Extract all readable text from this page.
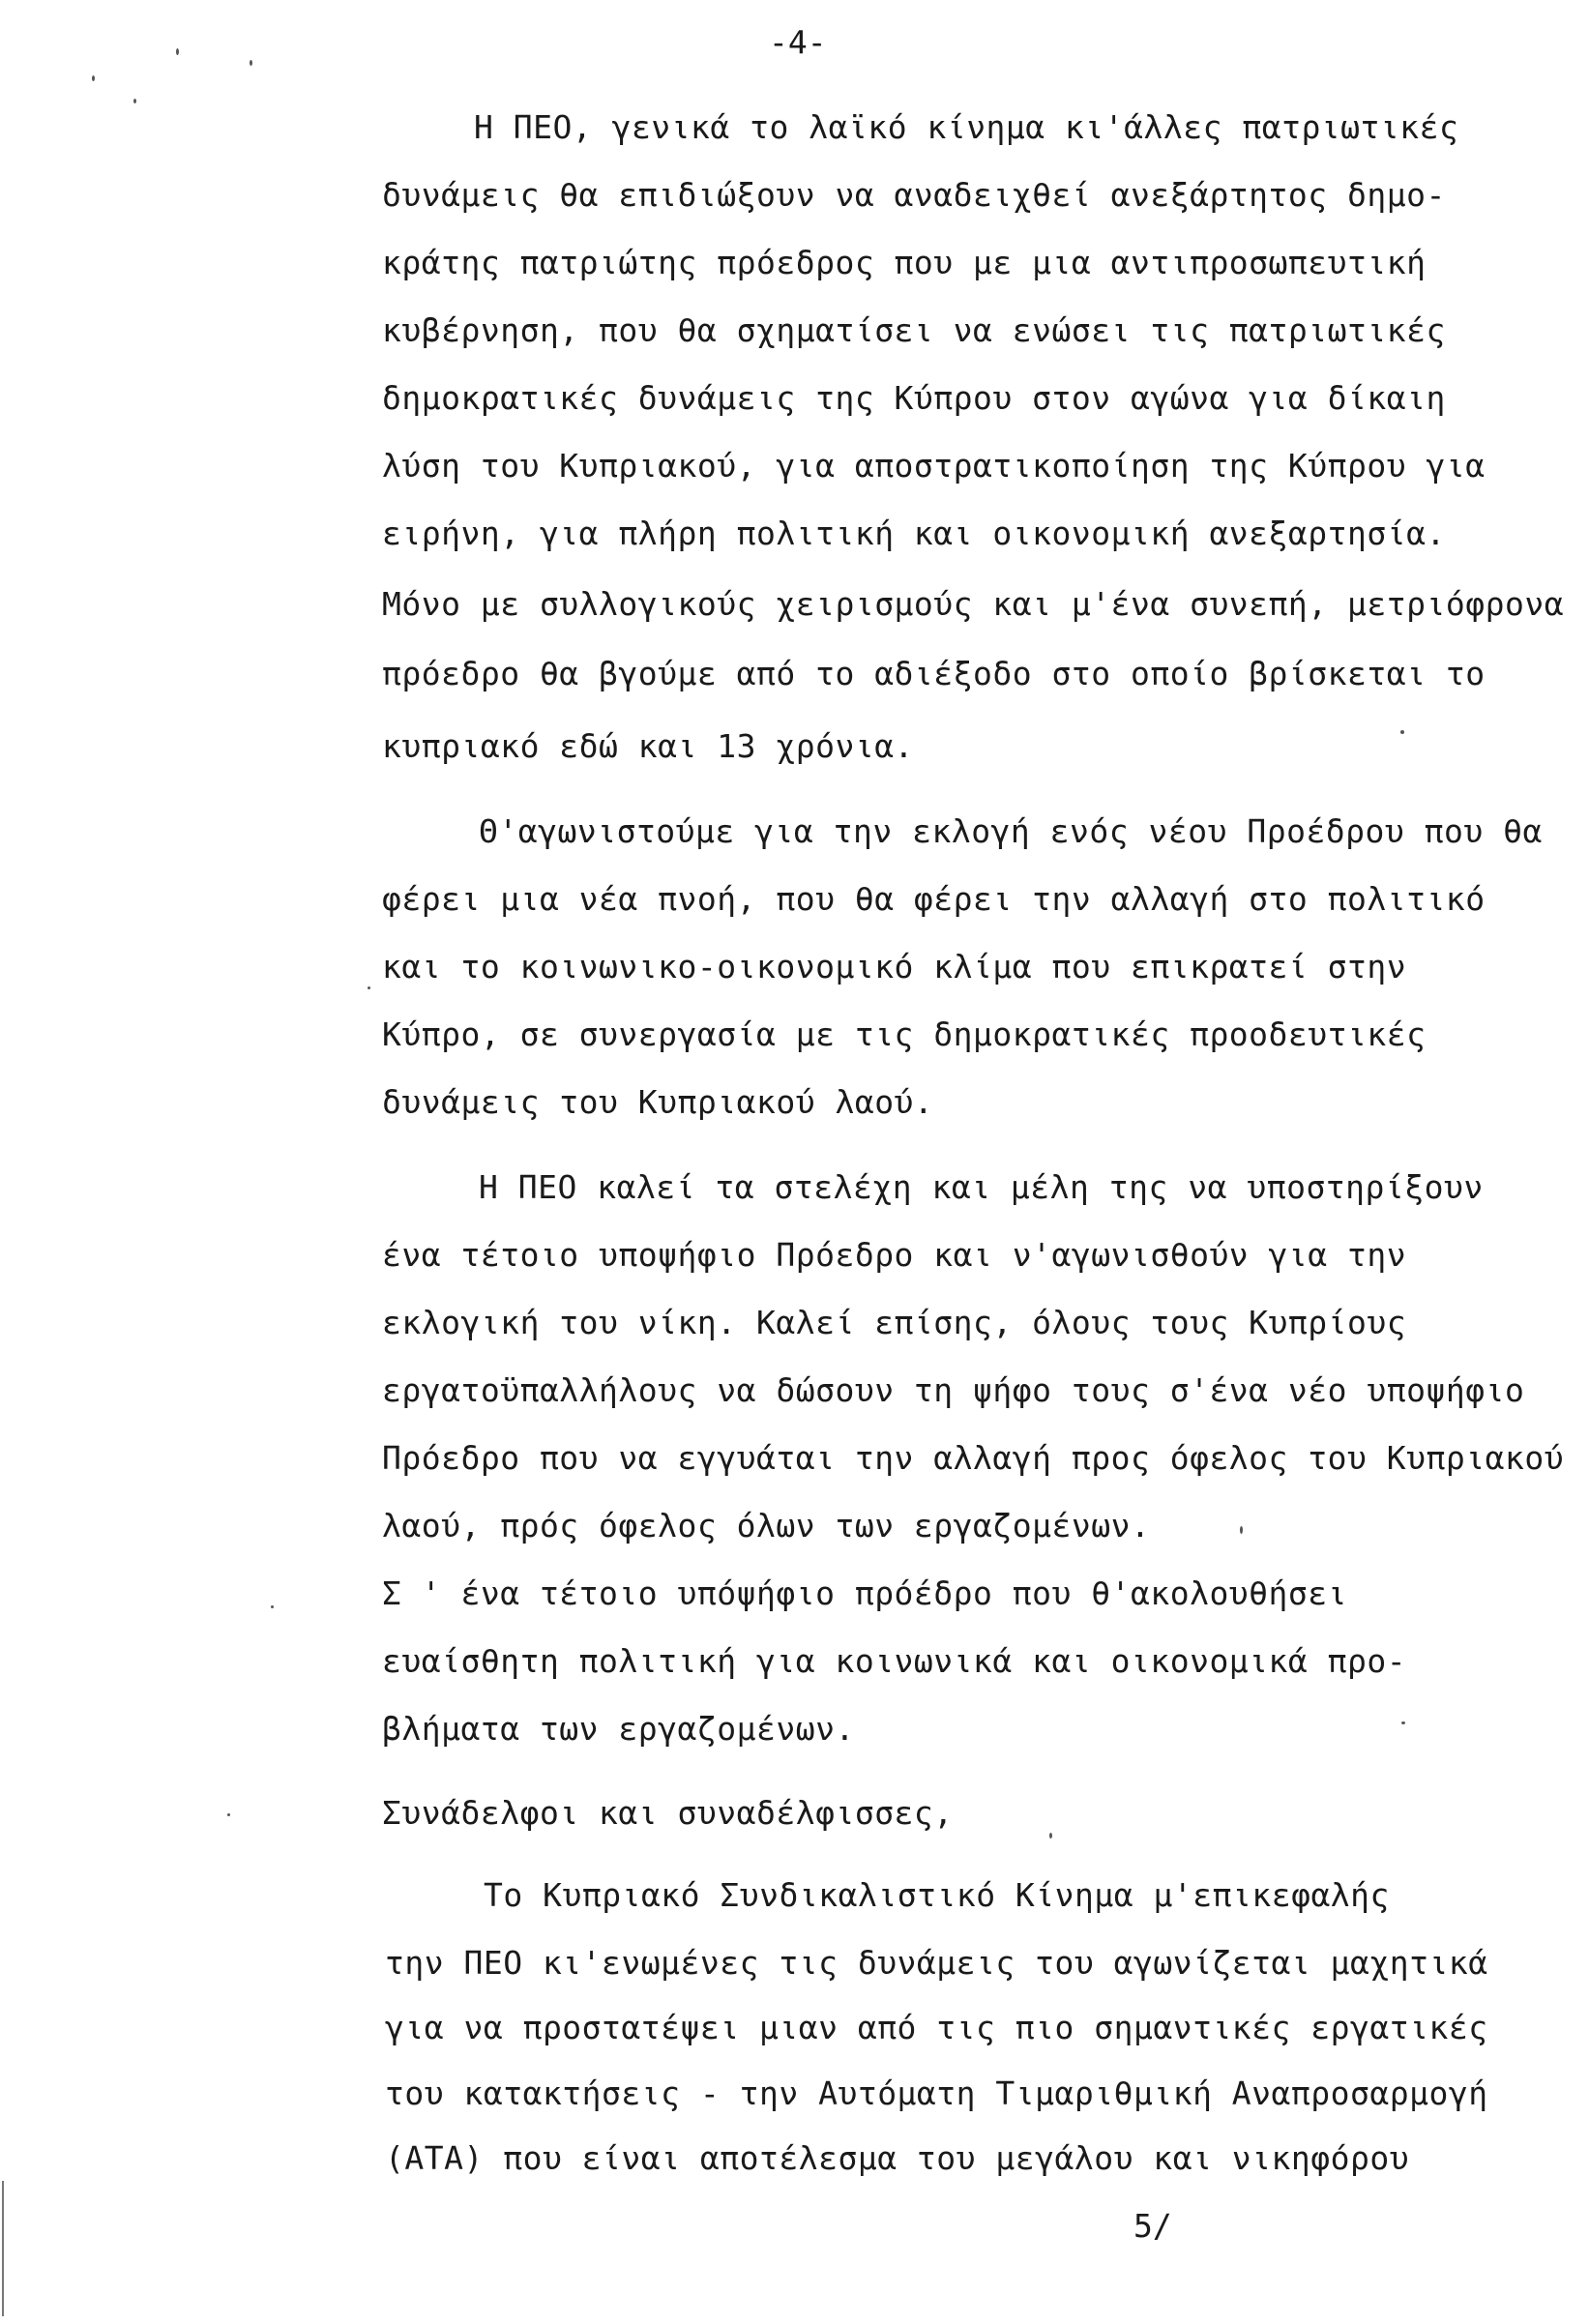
-4-
Η ΠΕΟ, γενικά το λαϊκό κίνημα κι'άλλες πατριωτικές
δυνάμεις θα επιδιώξουν να αναδειχθεί ανεξάρτητος δημο-
κράτης πατριώτης πρόεδρος που με μια αντιπροσωπευτική
κυβέρνηση, που θα σχηματίσει να ενώσει τις πατριωτικές
δημοκρατικές δυνάμεις της Κύπρου στον αγώνα για δίκαιη
λύση του Κυπριακού, για αποστρατικοποίηση της Κύπρου για
ειρήνη, για πλήρη πολιτική και οικονομική ανεξαρτησία.
Μόνο με συλλογικούς χειρισμούς και μ'ένα συνεπή, μετριόφρονα
πρόεδρο θα βγούμε από το αδιέξοδο στο οποίο βρίσκεται το
κυπριακό εδώ και 13 χρόνια.
Θ'αγωνιστούμε για την εκλογή ενός νέου Προέδρου που θα
φέρει μια νέα πνοή, που θα φέρει την αλλαγή στο πολιτικό
και το κοινωνικο-οικονομικό κλίμα που επικρατεί στην
Κύπρο, σε συνεργασία με τις δημοκρατικές προοδευτικές
δυνάμεις του Κυπριακού λαού.
Η ΠΕΟ καλεί τα στελέχη και μέλη της να υποστηρίξουν
ένα τέτοιο υποψήφιο Πρόεδρο και ν'αγωνισθούν για την
εκλογική του νίκη. Καλεί επίσης, όλους τους Κυπρίους
εργατοϋπαλλήλους να δώσουν τη ψήφο τους σ'ένα νέο υποψήφιο
Πρόεδρο που να εγγυάται την αλλαγή προς όφελος του Κυπριακού
λαού, πρός όφελος όλων των εργαζομένων.
Σ ' ένα τέτοιο υπόψήφιο πρόέδρο που θ'ακολουθήσει
ευαίσθητη πολιτική για κοινωνικά και οικονομικά προ-
βλήματα των εργαζομένων.
Συνάδελφοι και συναδέλφισσες,
Το Κυπριακό Συνδικαλιστικό Κίνημα μ'επικεφαλής
την ΠΕΟ κι'ενωμένες τις δυνάμεις του αγωνίζεται μαχητικά
για να προστατέψει μιαν από τις πιο σημαντικές εργατικές
του κατακτήσεις - την Αυτόματη Τιμαριθμική Αναπροσαρμογή
(ΑΤΑ) που είναι αποτέλεσμα του μεγάλου και νικηφόρου
5/
